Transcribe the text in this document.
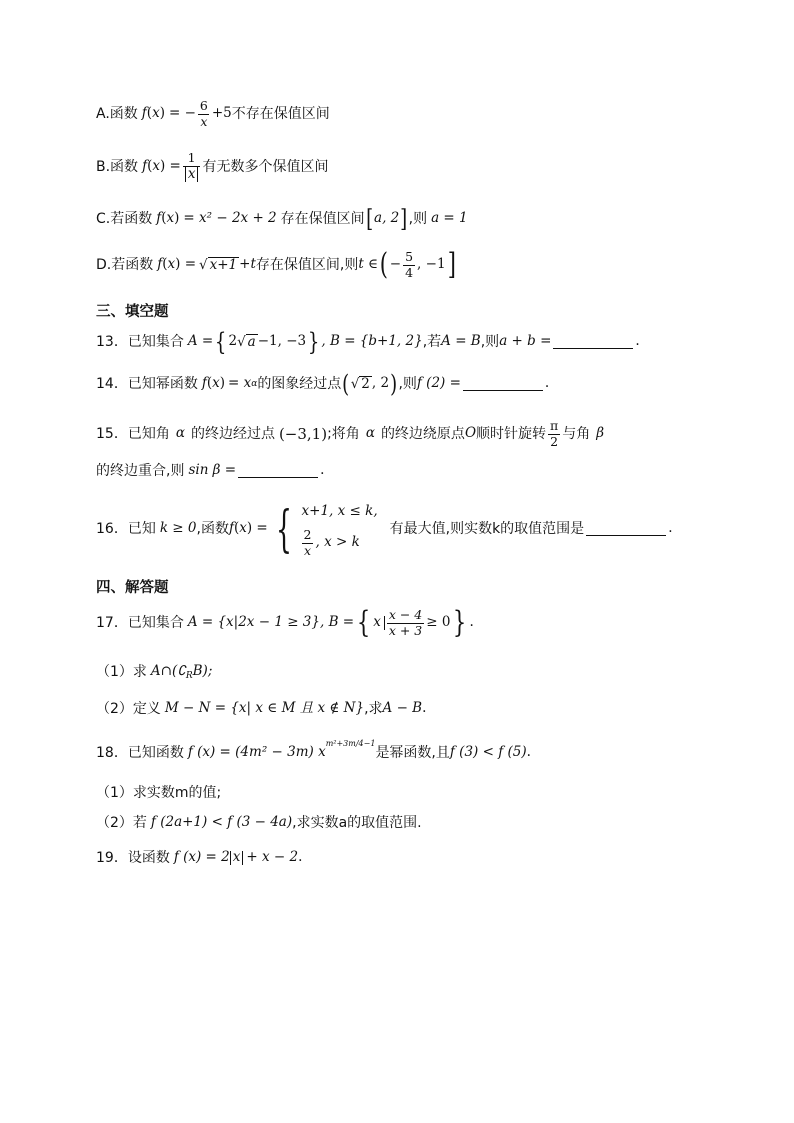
A.函数 f ( x ) = − $\frac{6}{x} +5$ 不存在保值区间
B.函数 f ( x ) = $\frac{1}{x}$ 有无数多个保值区间
C.若函数 f ( x ) = x² − 2x + 2 存在保值区间 [ a, 2 ] ,则 a = 1
D.若函数 f ( x ) = √ x+1 +t 存在保值区间,则 t ∈ ( − $\frac{5}{4}$ , −1 ]
三、填空题
13．已知集合 A = { 2 √ a −1, −3 } , B = {b+1, 2} ,若 A = B ,则 a + b =	.
14．已知幂函数 f ( x ) = x α 的图象经过点 ( √ 2 , 2 ) ,则 f (2) =	.
15．已知角 α 的终边经过点 (−3,1) ;将角 α 的终边绕原点 O 顺时针旋转 $\frac{\pi}{2}$ 与角 β
的终边重合,则 sin β =	.
16．已知 k ≥ 0 ,函数 f ( x ) = { x+1, x ≤ k,
$\frac{2}{x}$ , x > k
有最大值,则实数k的取值范围是	.
四、解答题
17．已知集合 A = {x|2x − 1 ≥ 3} , B = { x $\frac{x - 4}{x + 3} \ge 0$ } .
（1）求 A∩(∁ R B);
（2）定义 M − N = {x| x ∈ M 且 x ∉ N} ,求 A − B .
18．已知函数 f (x) = (4m² − 3m) x
m²+3m/4−1
是幂函数,且 f (3) < f (5) .
（1）求实数m的值;
（2）若 f (2a+1) < f (3 − 4a) ,求实数a的取值范围.
19．设函数 f (x) = 2 x + x − 2 .
